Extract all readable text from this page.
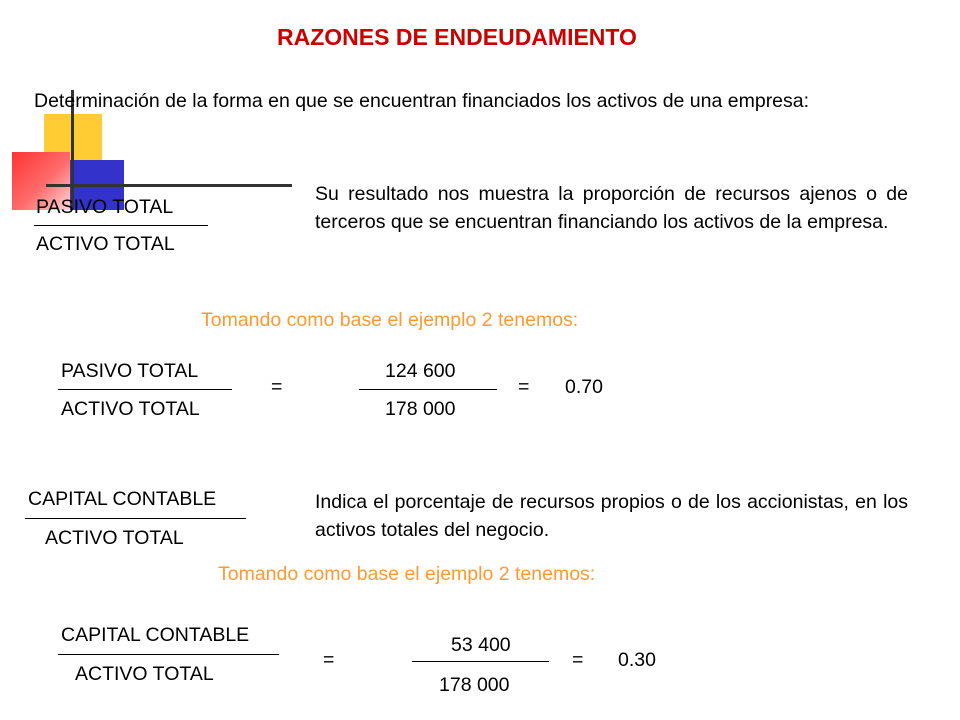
RAZONES DE ENDEUDAMIENTO
Determinación de la forma en que se encuentran financiados los activos de una empresa:
PASIVO TOTAL
ACTIVO TOTAL
Su resultado nos muestra la proporción de recursos ajenos o de terceros que se encuentran financiando los activos de la empresa.
Tomando como base el ejemplo 2 tenemos:
PASIVO TOTAL
ACTIVO TOTAL
=
124 600
178 000
= 0.70
CAPITAL CONTABLE
ACTIVO TOTAL
Indica el porcentaje de recursos propios o de los accionistas, en los activos totales del negocio.
Tomando como base el ejemplo 2 tenemos:
CAPITAL CONTABLE
ACTIVO TOTAL
=
53 400
178 000
= 0.30
